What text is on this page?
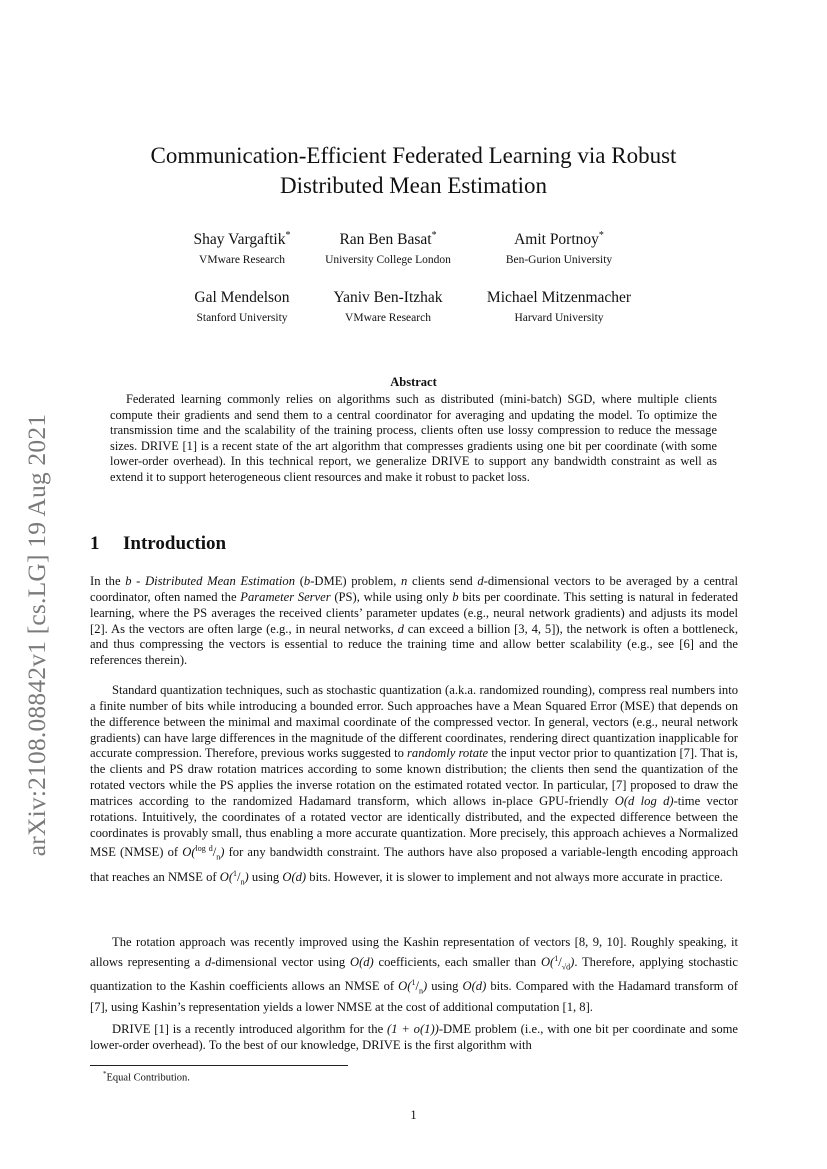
arXiv:2108.08842v1 [cs.LG] 19 Aug 2021
Communication-Efficient Federated Learning via Robust
Distributed Mean Estimation
Shay Vargaftik*
VMware Research
Ran Ben Basat*
University College London
Amit Portnoy*
Ben-Gurion University
Gal Mendelson
Stanford University
Yaniv Ben-Itzhak
VMware Research
Michael Mitzenmacher
Harvard University
Abstract
Federated learning commonly relies on algorithms such as distributed (mini-batch) SGD, where multiple clients compute their gradients and send them to a central coordinator for averaging and updating the model. To optimize the transmission time and the scalability of the training process, clients often use lossy compression to reduce the message sizes. DRIVE [1] is a recent state of the art algorithm that compresses gradients using one bit per coordinate (with some lower-order overhead). In this technical report, we generalize DRIVE to support any bandwidth constraint as well as extend it to support heterogeneous client resources and make it robust to packet loss.
1 Introduction

In the b - Distributed Mean Estimation (b-DME) problem, n clients send d-dimensional vectors to be averaged by a central coordinator, often named the Parameter Server (PS), while using only b bits per coordinate. This setting is natural in federated learning, where the PS averages the received clients’ parameter updates (e.g., neural network gradients) and adjusts its model [2]. As the vectors are often large (e.g., in neural networks, d can exceed a billion [3, 4, 5]), the network is often a bottleneck, and thus compressing the vectors is essential to reduce the training time and allow better scalability (e.g., see [6] and the references therein).

Standard quantization techniques, such as stochastic quantization (a.k.a. randomized rounding), compress real numbers into a finite number of bits while introducing a bounded error. Such approaches have a Mean Squared Error (MSE) that depends on the difference between the minimal and maximal coordinate of the compressed vector. In general, vectors (e.g., neural network gradients) can have large differences in the magnitude of the different coordinates, rendering direct quantization inapplicable for accurate compression. Therefore, previous works suggested to randomly rotate the input vector prior to quantization [7]. That is, the clients and PS draw rotation matrices according to some known distribution; the clients then send the quantization of the rotated vectors while the PS applies the inverse rotation on the estimated rotated vector. In particular, [7] proposed to draw the matrices according to the randomized Hadamard transform, which allows in-place GPU-friendly O(d log d)-time vector rotations. Intuitively, the coordinates of a rotated vector are identically distributed, and the expected difference between the coordinates is provably small, thus enabling a more accurate quantization. More precisely, this approach achieves a Normalized MSE (NMSE) of $O(^{log d}/_n)$ for any bandwidth constraint. The authors have also proposed a variable-length encoding approach that reaches an NMSE of $O(^1/_n)$ using O(d) bits. However, it is slower to implement and not always more accurate in practice.

The rotation approach was recently improved using the Kashin representation of vectors [8, 9, 10]. Roughly speaking, it allows representing a d-dimensional vector using O(d) coefficients, each smaller than $O(^1/_{√d})$. Therefore, applying stochastic quantization to the Kashin coefficients allows an NMSE of $O(^1/_n)$ using O(d) bits. Compared with the Hadamard transform of [7], using Kashin’s representation yields a lower NMSE at the cost of additional computation [1, 8].

DRIVE [1] is a recently introduced algorithm for the (1 + o(1))-DME problem (i.e., with one bit per coordinate and some lower-order overhead). To the best of our knowledge, DRIVE is the first algorithm with

*Equal Contribution.
1
